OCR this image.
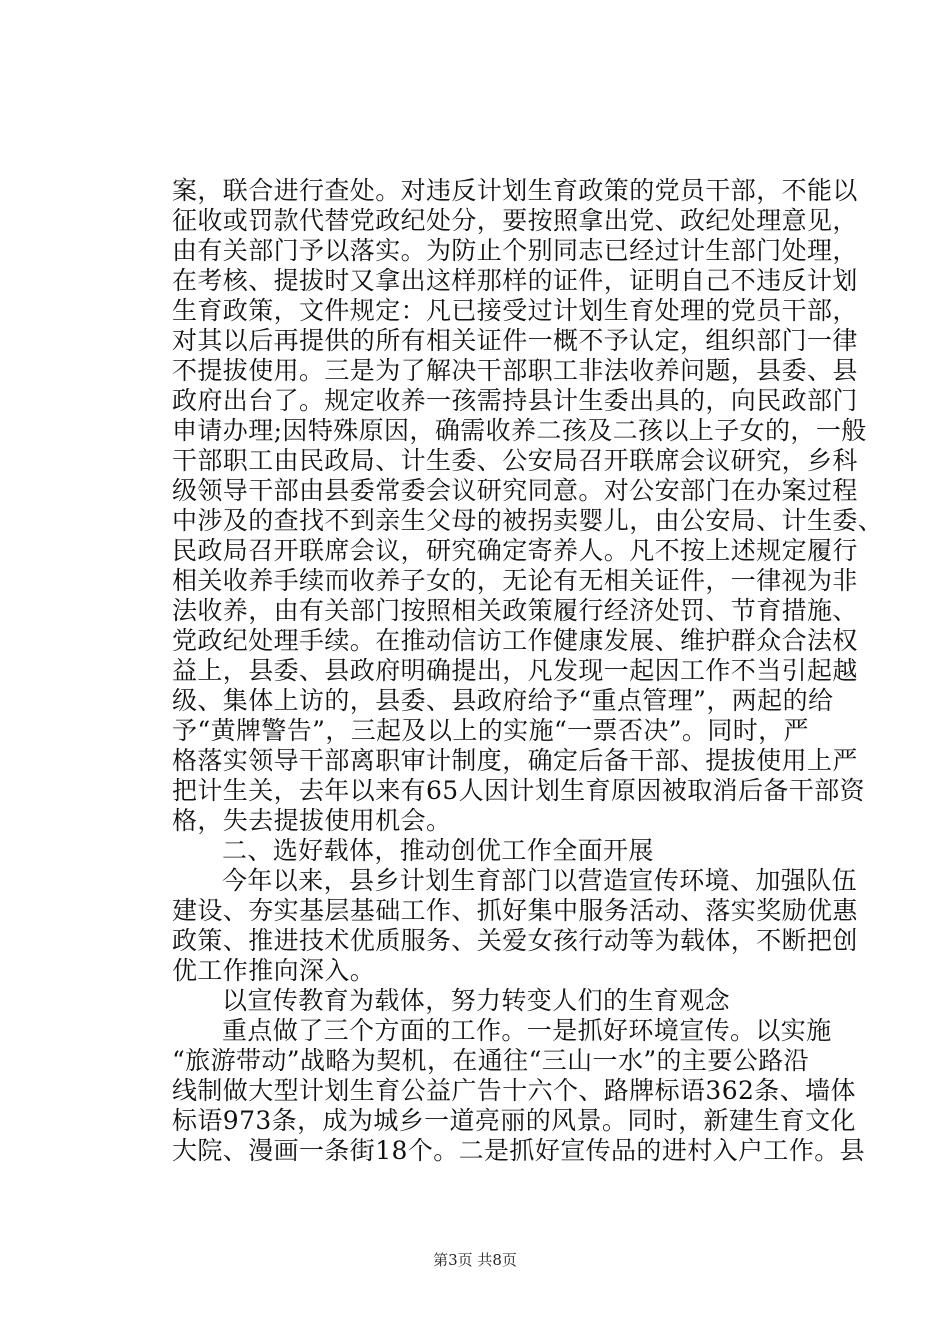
案，联合进行查处。对违反计划生育政策的党员干部，不能以
征收或罚款代替党政纪处分，要按照拿出党、政纪处理意见，
由有关部门予以落实。为防止个别同志已经过计生部门处理，
在考核、提拔时又拿出这样那样的证件，证明自己不违反计划
生育政策，文件规定：凡已接受过计划生育处理的党员干部，
对其以后再提供的所有相关证件一概不予认定，组织部门一律
不提拔使用。三是为了解决干部职工非法收养问题，县委、县
政府出台了。规定收养一孩需持县计生委出具的，向民政部门
申请办理;因特殊原因，确需收养二孩及二孩以上子女的，一般
干部职工由民政局、计生委、公安局召开联席会议研究，乡科
级领导干部由县委常委会议研究同意。对公安部门在办案过程
中涉及的查找不到亲生父母的被拐卖婴儿，由公安局、计生委、
民政局召开联席会议，研究确定寄养人。凡不按上述规定履行
相关收养手续而收养子女的，无论有无相关证件，一律视为非
法收养，由有关部门按照相关政策履行经济处罚、节育措施、
党政纪处理手续。在推动信访工作健康发展、维护群众合法权
益上，县委、县政府明确提出，凡发现一起因工作不当引起越
级、集体上访的，县委、县政府给予“重点管理”，两起的给
予“黄牌警告”，三起及以上的实施“一票否决”。同时，严
格落实领导干部离职审计制度，确定后备干部、提拔使用上严
把计生关，去年以来有65人因计划生育原因被取消后备干部资
格，失去提拔使用机会。
二、选好载体，推动创优工作全面开展
今年以来，县乡计划生育部门以营造宣传环境、加强队伍
建设、夯实基层基础工作、抓好集中服务活动、落实奖励优惠
政策、推进技术优质服务、关爱女孩行动等为载体，不断把创
优工作推向深入。
以宣传教育为载体，努力转变人们的生育观念
重点做了三个方面的工作。一是抓好环境宣传。以实施
“旅游带动”战略为契机，在通往“三山一水”的主要公路沿
线制做大型计划生育公益广告十六个、路牌标语362条、墙体
标语973条，成为城乡一道亮丽的风景。同时，新建生育文化
大院、漫画一条街18个。二是抓好宣传品的进村入户工作。县
第3页 共8页
